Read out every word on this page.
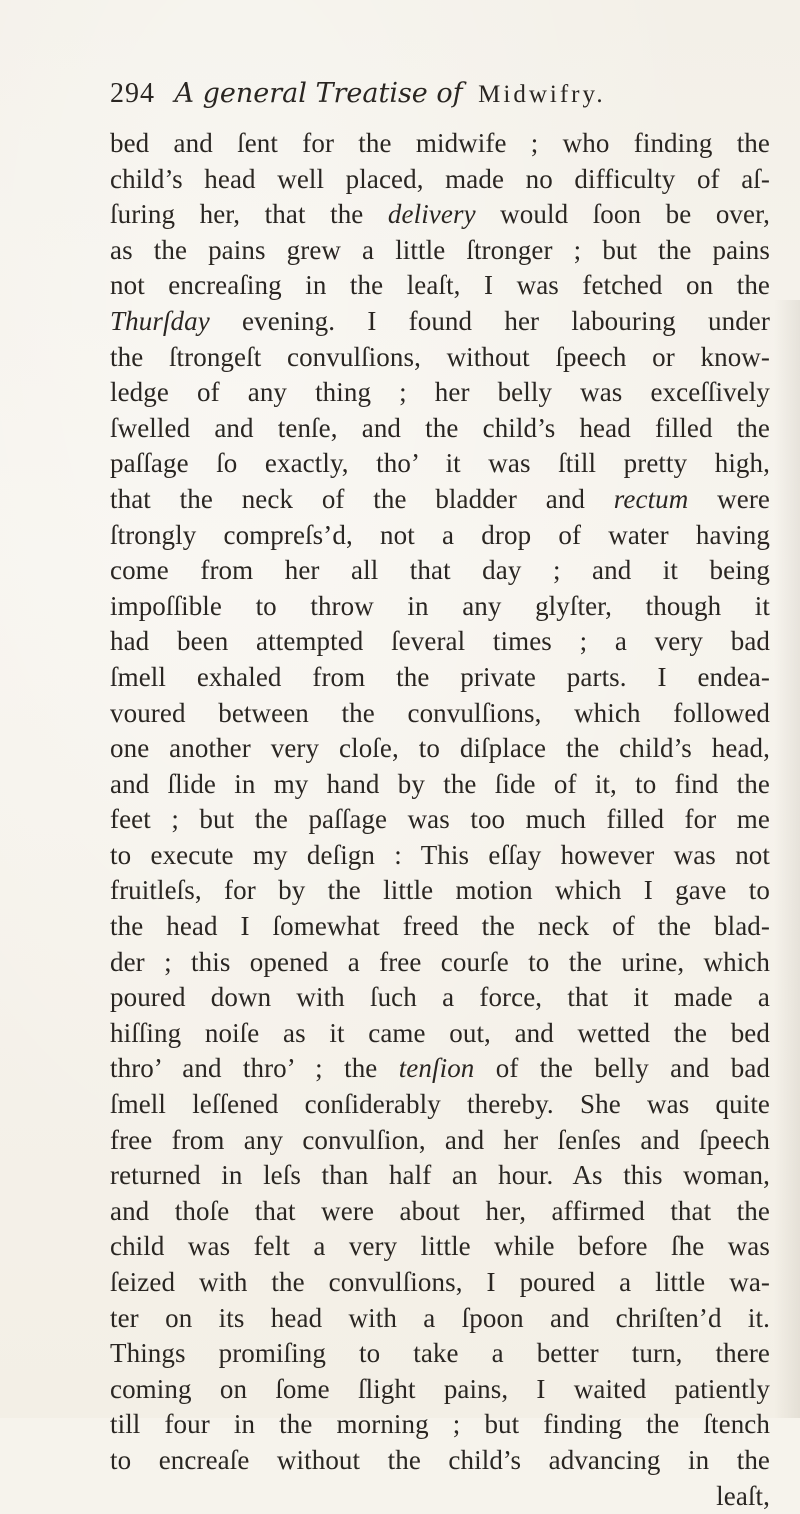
294 A general Treatise of Midwifry.
bed and ſent for the midwife ; who finding the
child’s head well placed, made no difficulty of aſ-
ſuring her, that the delivery would ſoon be over,
as the pains grew a little ſtronger ; but the pains
not encreaſing in the leaſt, I was fetched on the
Thurſday evening. I found her labouring under
the ſtrongeſt convulſions, without ſpeech or know-
ledge of any thing ; her belly was exceſſively
ſwelled and tenſe, and the child’s head filled the
paſſage ſo exactly, tho’ it was ſtill pretty high,
that the neck of the bladder and rectum were
ſtrongly compreſs’d, not a drop of water having
come from her all that day ; and it being
impoſſible to throw in any glyſter, though it
had been attempted ſeveral times ; a very bad
ſmell exhaled from the private parts. I endea-
voured between the convulſions, which followed
one another very cloſe, to diſplace the child’s head,
and ſlide in my hand by the ſide of it, to find the
feet ; but the paſſage was too much filled for me
to execute my deſign : This eſſay however was not
fruitleſs, for by the little motion which I gave to
the head I ſomewhat freed the neck of the blad-
der ; this opened a free courſe to the urine, which
poured down with ſuch a force, that it made a
hiſſing noiſe as it came out, and wetted the bed
thro’ and thro’ ; the tenſion of the belly and bad
ſmell leſſened conſiderably thereby. She was quite
free from any convulſion, and her ſenſes and ſpeech
returned in leſs than half an hour. As this woman,
and thoſe that were about her, affirmed that the
child was felt a very little while before ſhe was
ſeized with the convulſions, I poured a little wa-
ter on its head with a ſpoon and chriſten’d it.
Things promiſing to take a better turn, there
coming on ſome ſlight pains, I waited patiently
till four in the morning ; but finding the ſtench
to encreaſe without the child’s advancing in the
leaſt,
